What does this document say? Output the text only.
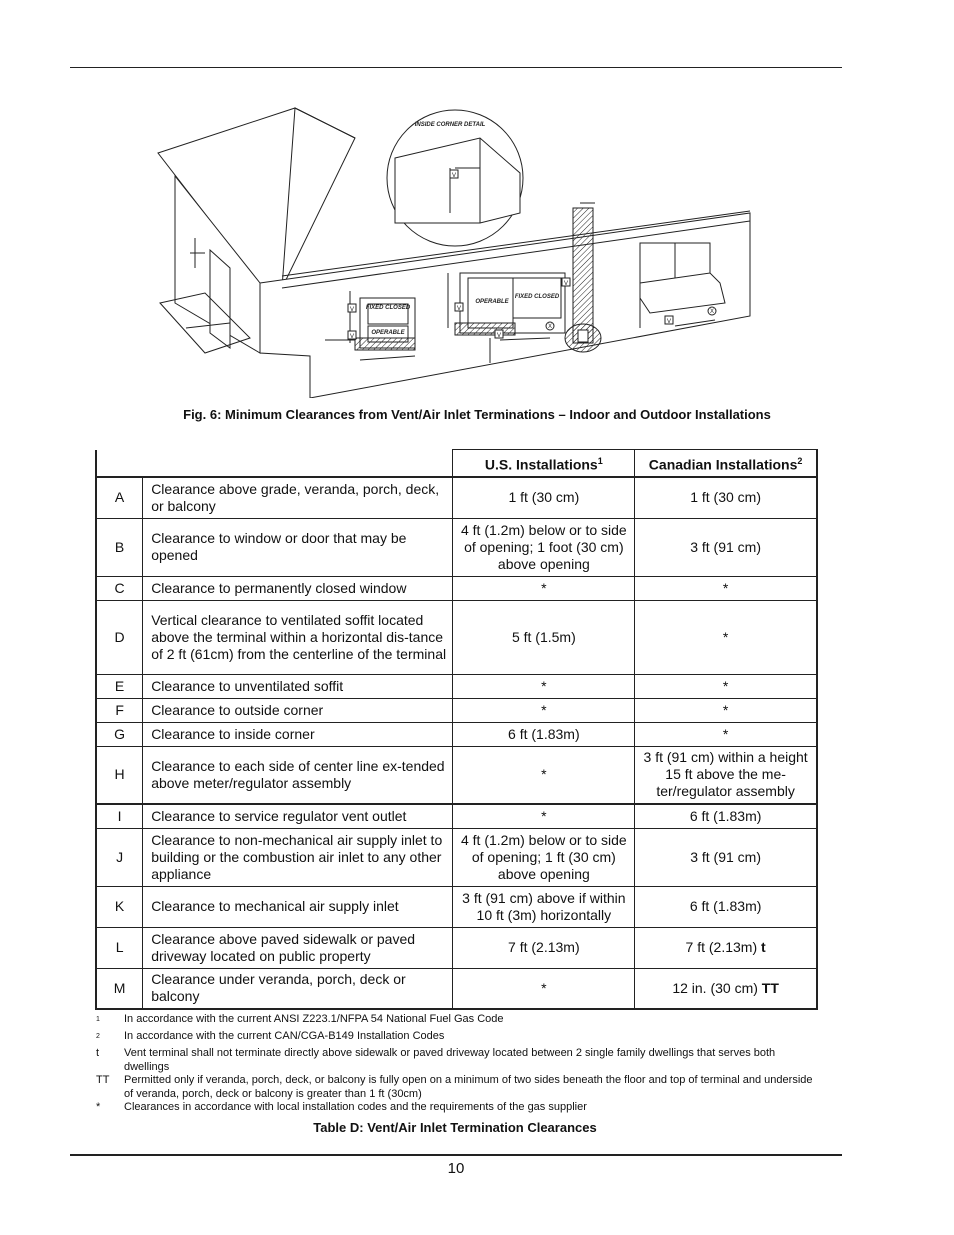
INSIDE CORNER DETAIL
FIXED CLOSED
OPERABLE
OPERABLE
FIXED CLOSED
V
V
V
V
V
V
V
X
X
Fig. 6: Minimum Clearances from Vent/Air Inlet Terminations – Indoor and Outdoor Installations
		U.S. Installations$^1$	Canadian Installations$^2$
A	Clearance above grade, veranda, porch, deck, or balcony	1 ft (30 cm)	1 ft (30 cm)
B	Clearance to window or door that may be opened	4 ft (1.2m) below or to side of opening; 1 foot (30 cm) above opening	3 ft (91 cm)
C	Clearance to permanently closed window	*	*
D	Vertical clearance to ventilated soffit located above the terminal within a horizontal dis-tance of 2 ft (61cm) from the centerline of the terminal	5 ft (1.5m)	*
E	Clearance to unventilated soffit	*	*
F	Clearance to outside corner	*	*
G	Clearance to inside corner	6 ft (1.83m)	*
H	Clearance to each side of center line ex-tended above meter/regulator assembly	*	3 ft (91 cm) within a height 15 ft above the me-ter/regulator assembly
I	Clearance to service regulator vent outlet	*	6 ft (1.83m)
J	Clearance to non-mechanical air supply inlet to building or the combustion air inlet to any other appliance	4 ft (1.2m) below or to side of opening; 1 ft (30 cm) above opening	3 ft (91 cm)
K	Clearance to mechanical air supply inlet	3 ft (91 cm) above if within 10 ft (3m) horizontally	6 ft (1.83m)
L	Clearance above paved sidewalk or paved driveway located on public property	7 ft (2.13m)	7 ft (2.13m) t
M	Clearance under veranda, porch, deck or balcony	*	12 in. (30 cm) TT
$^1$	In accordance with the current ANSI Z223.1/NFPA 54 National Fuel Gas Code
$^2$	In accordance with the current CAN/CGA-B149 Installation Codes
t	Vent terminal shall not terminate directly above sidewalk or paved driveway located between 2 single family dwellings that serves both dwellings
TT	Permitted only if veranda, porch, deck, or balcony is fully open on a minimum of two sides beneath the floor and top of terminal and underside of veranda, porch, deck or balcony is greater than 1 ft (30cm)
*	Clearances in accordance with local installation codes and the requirements of the gas supplier
Table D: Vent/Air Inlet Termination Clearances
10
